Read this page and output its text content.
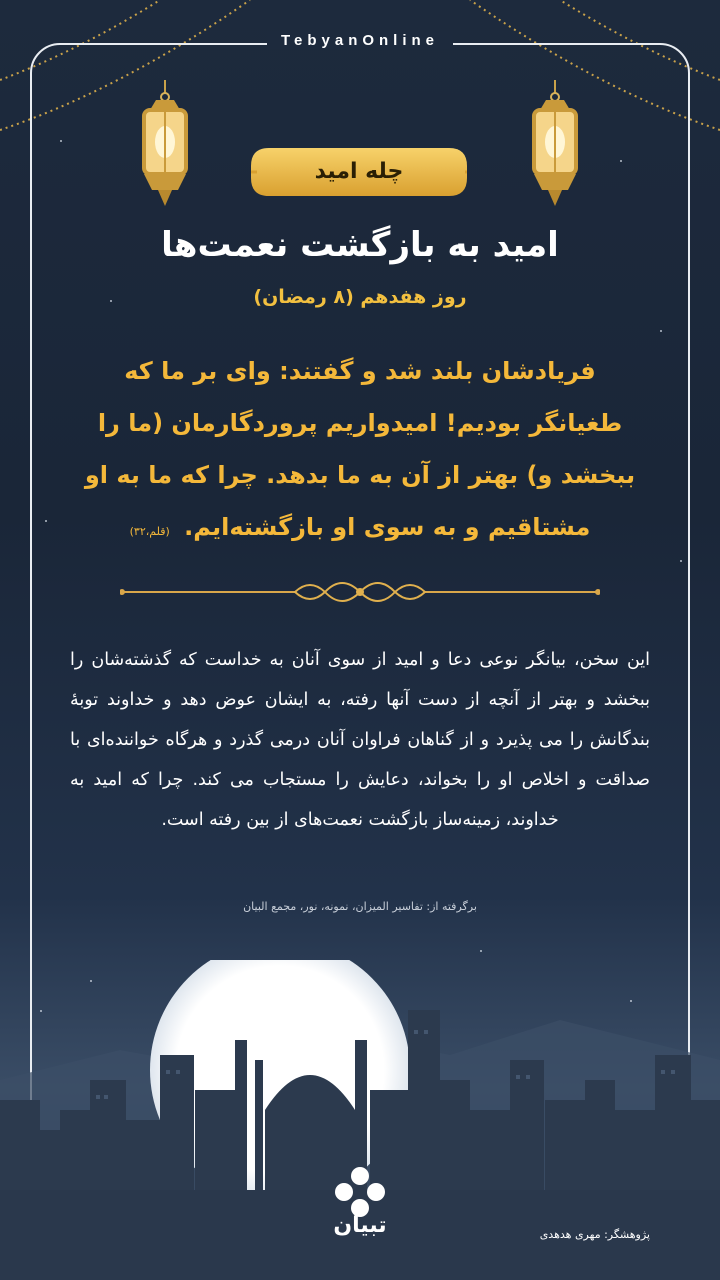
TebyanOnline
چله امید
امید به بازگشت نعمت‌ها
روز هفدهم (۸ رمضان)
فریادشان بلند شد و گفتند: وای بر ما که طغیانگر بودیم! امیدواریم پروردگارمان (ما را ببخشد و) بهتر از آن به ما بدهد. چرا که ما به او مشتاقیم و به سوی او بازگشته‌ایم. (قلم،۳۲)
این سخن، بیانگر نوعی دعا و امید از سوی آنان به خداست که گذشته‌شان را ببخشد و بهتر از آنچه از دست آنها رفته، به ایشان عوض دهد و خداوند توبهٔ بندگانش را می پذیرد و از گناهان فراوان آنان درمی گذرد و هرگاه خواننده‌ای با صداقت و اخلاص او را بخواند، دعایش را مستجاب می کند. چرا که امید به خداوند، زمینه‌ساز بازگشت نعمت‌های از بین رفته است.
برگرفته از: تفاسیر المیزان، نمونه، نور، مجمع البیان
تبیان	پژوهشگر: مهری هدهدی
